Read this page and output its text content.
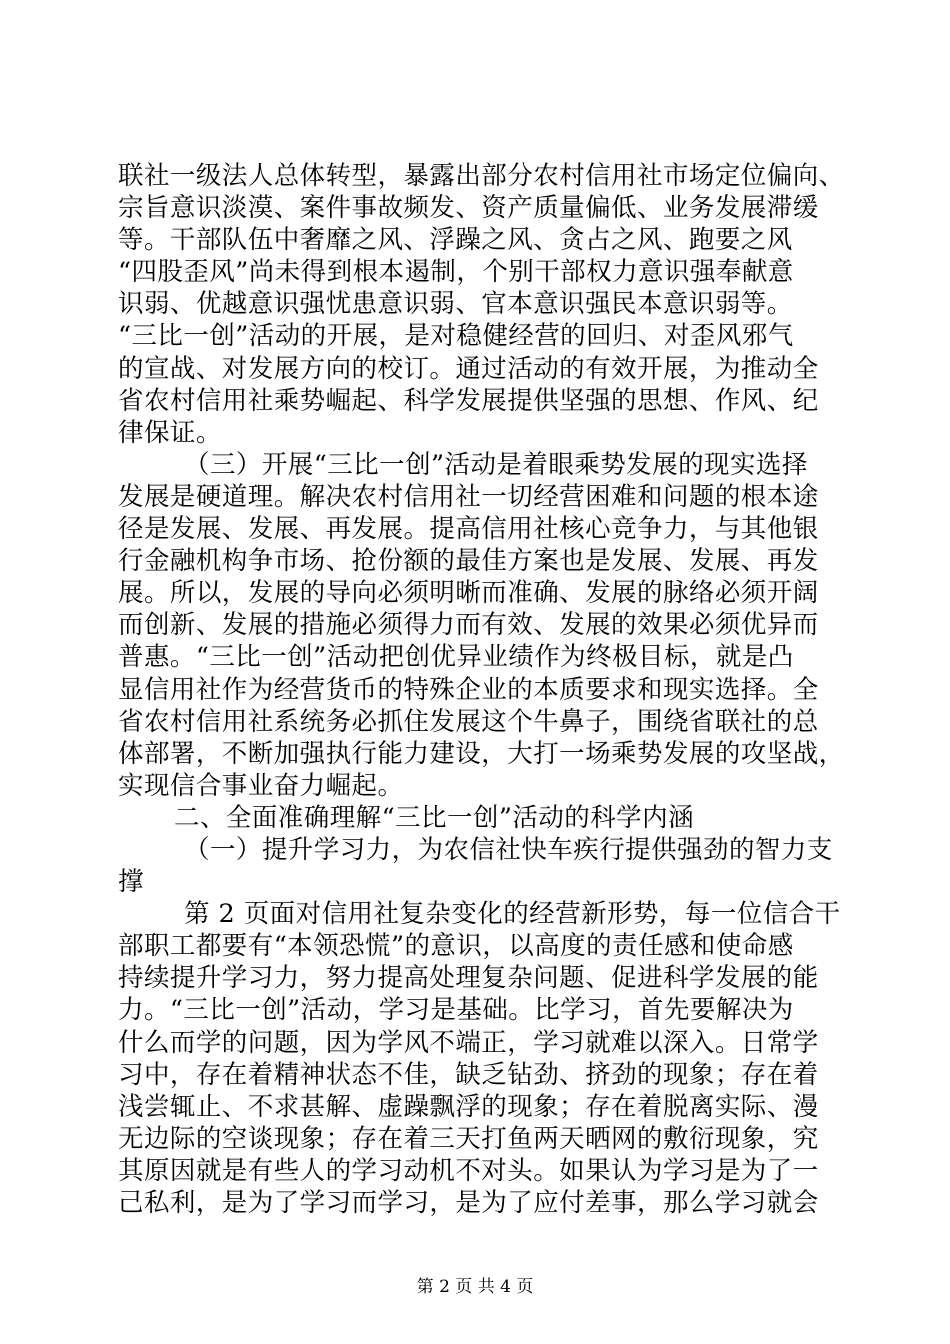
联社一级法人总体转型，暴露出部分农村信用社市场定位偏向、
宗旨意识淡漠、案件事故频发、资产质量偏低、业务发展滞缓
等。干部队伍中奢靡之风、浮躁之风、贪占之风、跑要之风
“四股歪风”尚未得到根本遏制，个别干部权力意识强奉献意
识弱、优越意识强忧患意识弱、官本意识强民本意识弱等。
“三比一创”活动的开展，是对稳健经营的回归、对歪风邪气
的宣战、对发展方向的校订。通过活动的有效开展，为推动全
省农村信用社乘势崛起、科学发展提供坚强的思想、作风、纪
律保证。
（三）开展“三比一创”活动是着眼乘势发展的现实选择
发展是硬道理。解决农村信用社一切经营困难和问题的根本途
径是发展、发展、再发展。提高信用社核心竞争力，与其他银
行金融机构争市场、抢份额的最佳方案也是发展、发展、再发
展。所以，发展的导向必须明晰而准确、发展的脉络必须开阔
而创新、发展的措施必须得力而有效、发展的效果必须优异而
普惠。“三比一创”活动把创优异业绩作为终极目标，就是凸
显信用社作为经营货币的特殊企业的本质要求和现实选择。全
省农村信用社系统务必抓住发展这个牛鼻子，围绕省联社的总
体部署，不断加强执行能力建设，大打一场乘势发展的攻坚战，
实现信合事业奋力崛起。
二、全面准确理解“三比一创”活动的科学内涵
（一）提升学习力，为农信社快车疾行提供强劲的智力支
撑
第 2 页面对信用社复杂变化的经营新形势，每一位信合干
部职工都要有“本领恐慌”的意识，以高度的责任感和使命感
持续提升学习力，努力提高处理复杂问题、促进科学发展的能
力。“三比一创”活动，学习是基础。比学习，首先要解决为
什么而学的问题，因为学风不端正，学习就难以深入。日常学
习中，存在着精神状态不佳，缺乏钻劲、挤劲的现象；存在着
浅尝辄止、不求甚解、虚躁飘浮的现象；存在着脱离实际、漫
无边际的空谈现象；存在着三天打鱼两天晒网的敷衍现象，究
其原因就是有些人的学习动机不对头。如果认为学习是为了一
己私利，是为了学习而学习，是为了应付差事，那么学习就会
第 2 页 共 4 页
